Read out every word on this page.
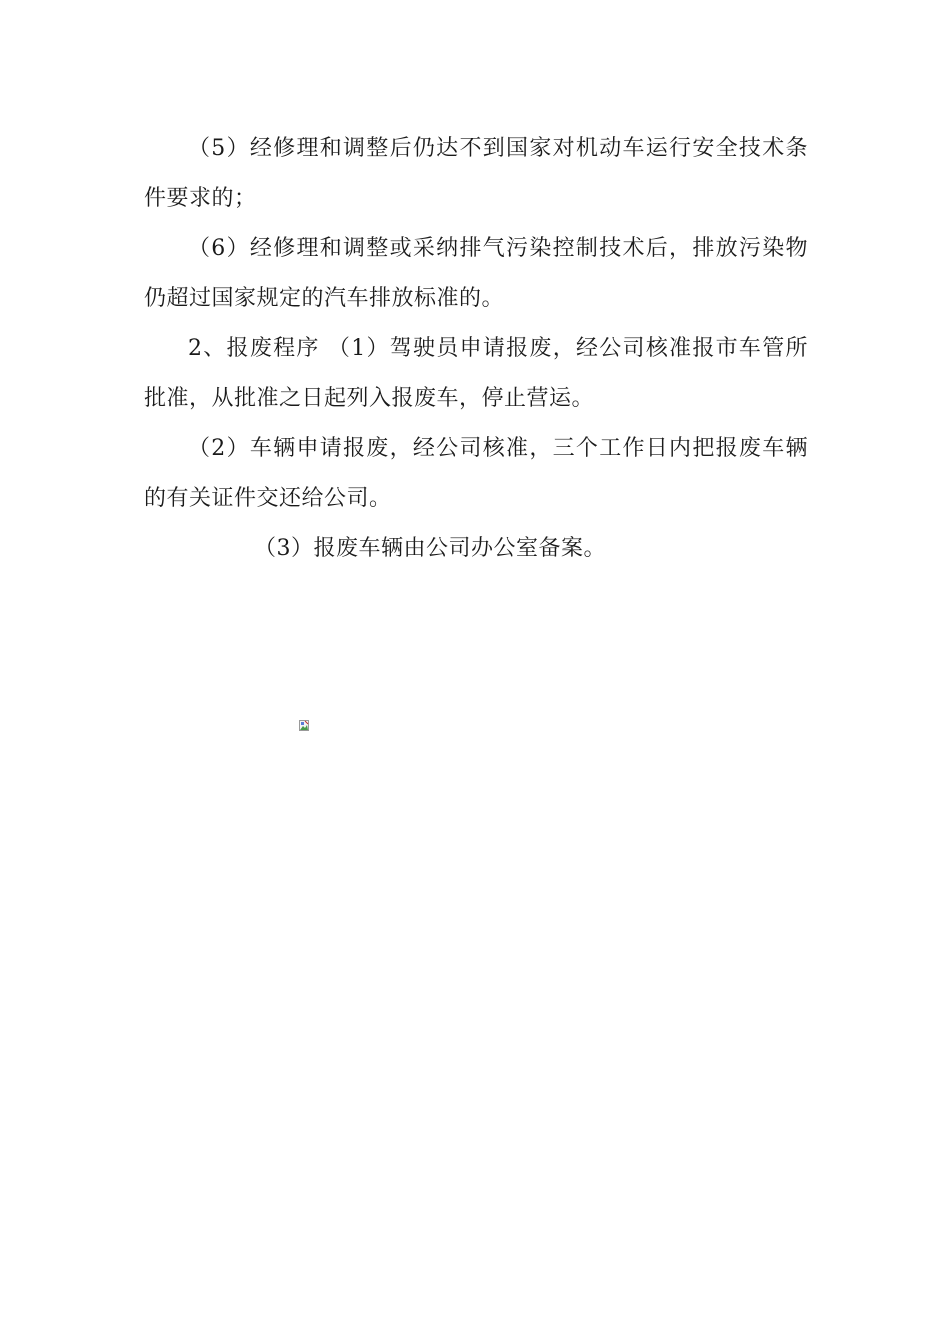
（5）经修理和调整后仍达不到国家对机动车运行安全技术条件要求的；

（6）经修理和调整或采纳排气污染控制技术后，排放污染物仍超过国家规定的汽车排放标准的。

2、报废程序 （1）驾驶员申请报废，经公司核准报市车管所批准，从批准之日起列入报废车，停止营运。

（2）车辆申请报废，经公司核准，三个工作日内把报废车辆的有关证件交还给公司。

（3）报废车辆由公司办公室备案。
